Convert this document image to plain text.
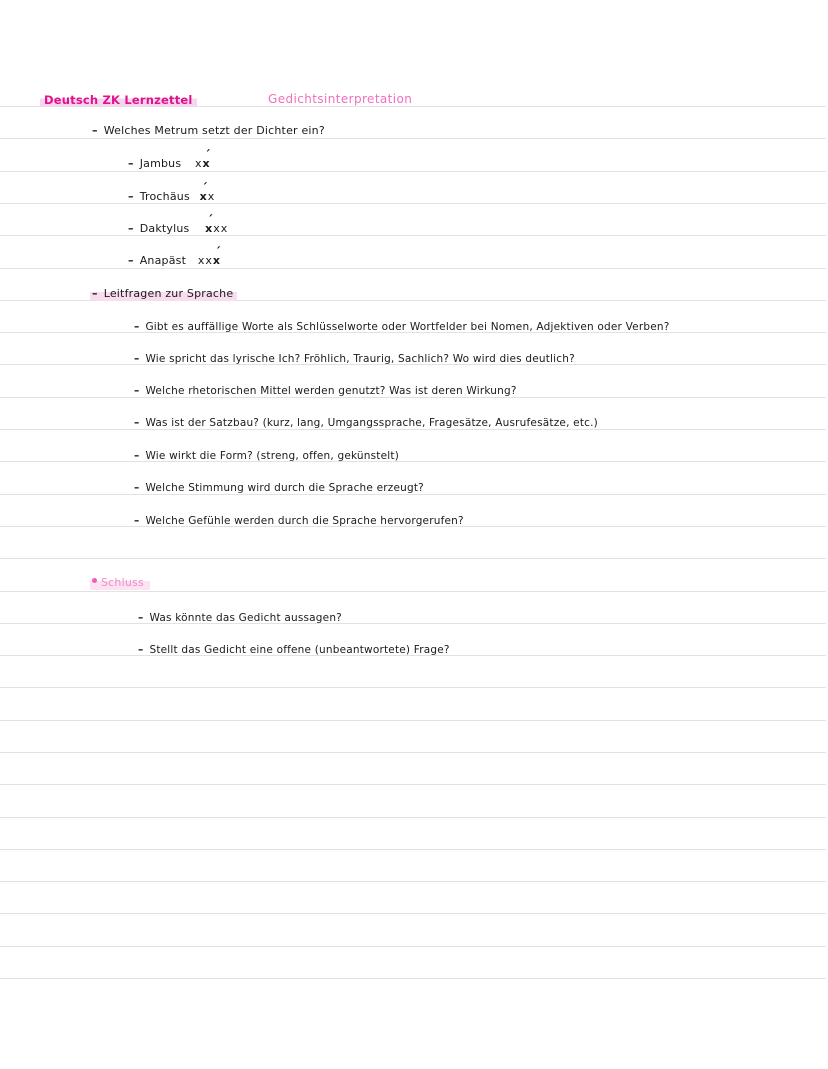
Deutsch ZK Lernzettel	Gedichtsinterpretation
– Welches Metrum setzt der Dichter ein?
– Jambus xx ´
– Trochäus x ´x
– Daktylus x ´xx
– Anapäst xxx ´
– Leitfragen zur Sprache
– Gibt es auffällige Worte als Schlüsselworte oder Wortfelder bei Nomen, Adjektiven oder Verben?
– Wie spricht das lyrische Ich? Fröhlich, Traurig, Sachlich? Wo wird dies deutlich?
– Welche rhetorischen Mittel werden genutzt? Was ist deren Wirkung?
– Was ist der Satzbau? (kurz, lang, Umgangssprache, Fragesätze, Ausrufesätze, etc.)
– Wie wirkt die Form? (streng, offen, gekünstelt)
– Welche Stimmung wird durch die Sprache erzeugt?
– Welche Gefühle werden durch die Sprache hervorgerufen?
Schluss
– Was könnte das Gedicht aussagen?
– Stellt das Gedicht eine offene (unbeantwortete) Frage?
